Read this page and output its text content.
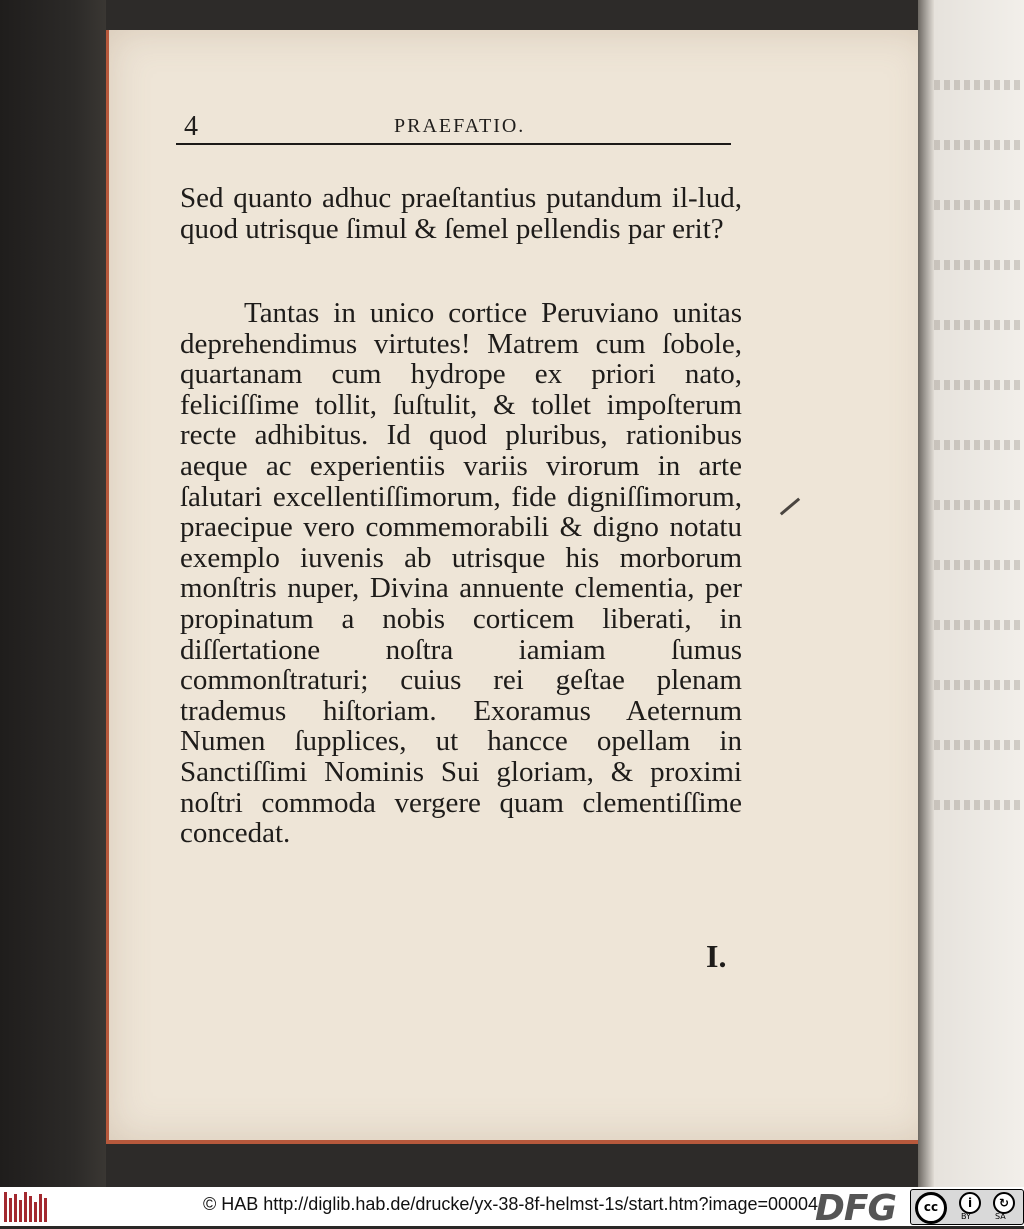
4	PRAEFATIO.

Sed quanto adhuc praeſtantius putandum il-lud, quod utrisque ſimul & ſemel pellendis par erit?

Tantas in unico cortice Peruviano unitas deprehendimus virtutes! Matrem cum ſobole, quartanam cum hydrope ex priori nato, feliciſſime tollit, ſuſtulit, & tollet impoſterum recte adhibitus. Id quod pluribus, rationibus aeque ac experientiis variis virorum in arte ſalutari excellentiſſimorum, fide digniſſimorum, praecipue vero commemorabili & digno notatu exemplo iuvenis ab utrisque his morborum monſtris nuper, Divina annuente clementia, per propinatum a nobis corticem liberati, in diſſertatione noſtra iamiam ſumus commonſtraturi; cuius rei geſtae plenam trademus hiſtoriam. Exoramus Aeternum Numen ſupplices, ut hancce opellam in Sanctiſſimi Nominis Sui gloriam, & proximi noſtri commoda vergere quam clementiſſime concedat.

I.
© HAB http://diglib.hab.de/drucke/yx-38-8f-helmst-1s/start.htm?image=00004
DFG	cc	i
BY
↻
SA
